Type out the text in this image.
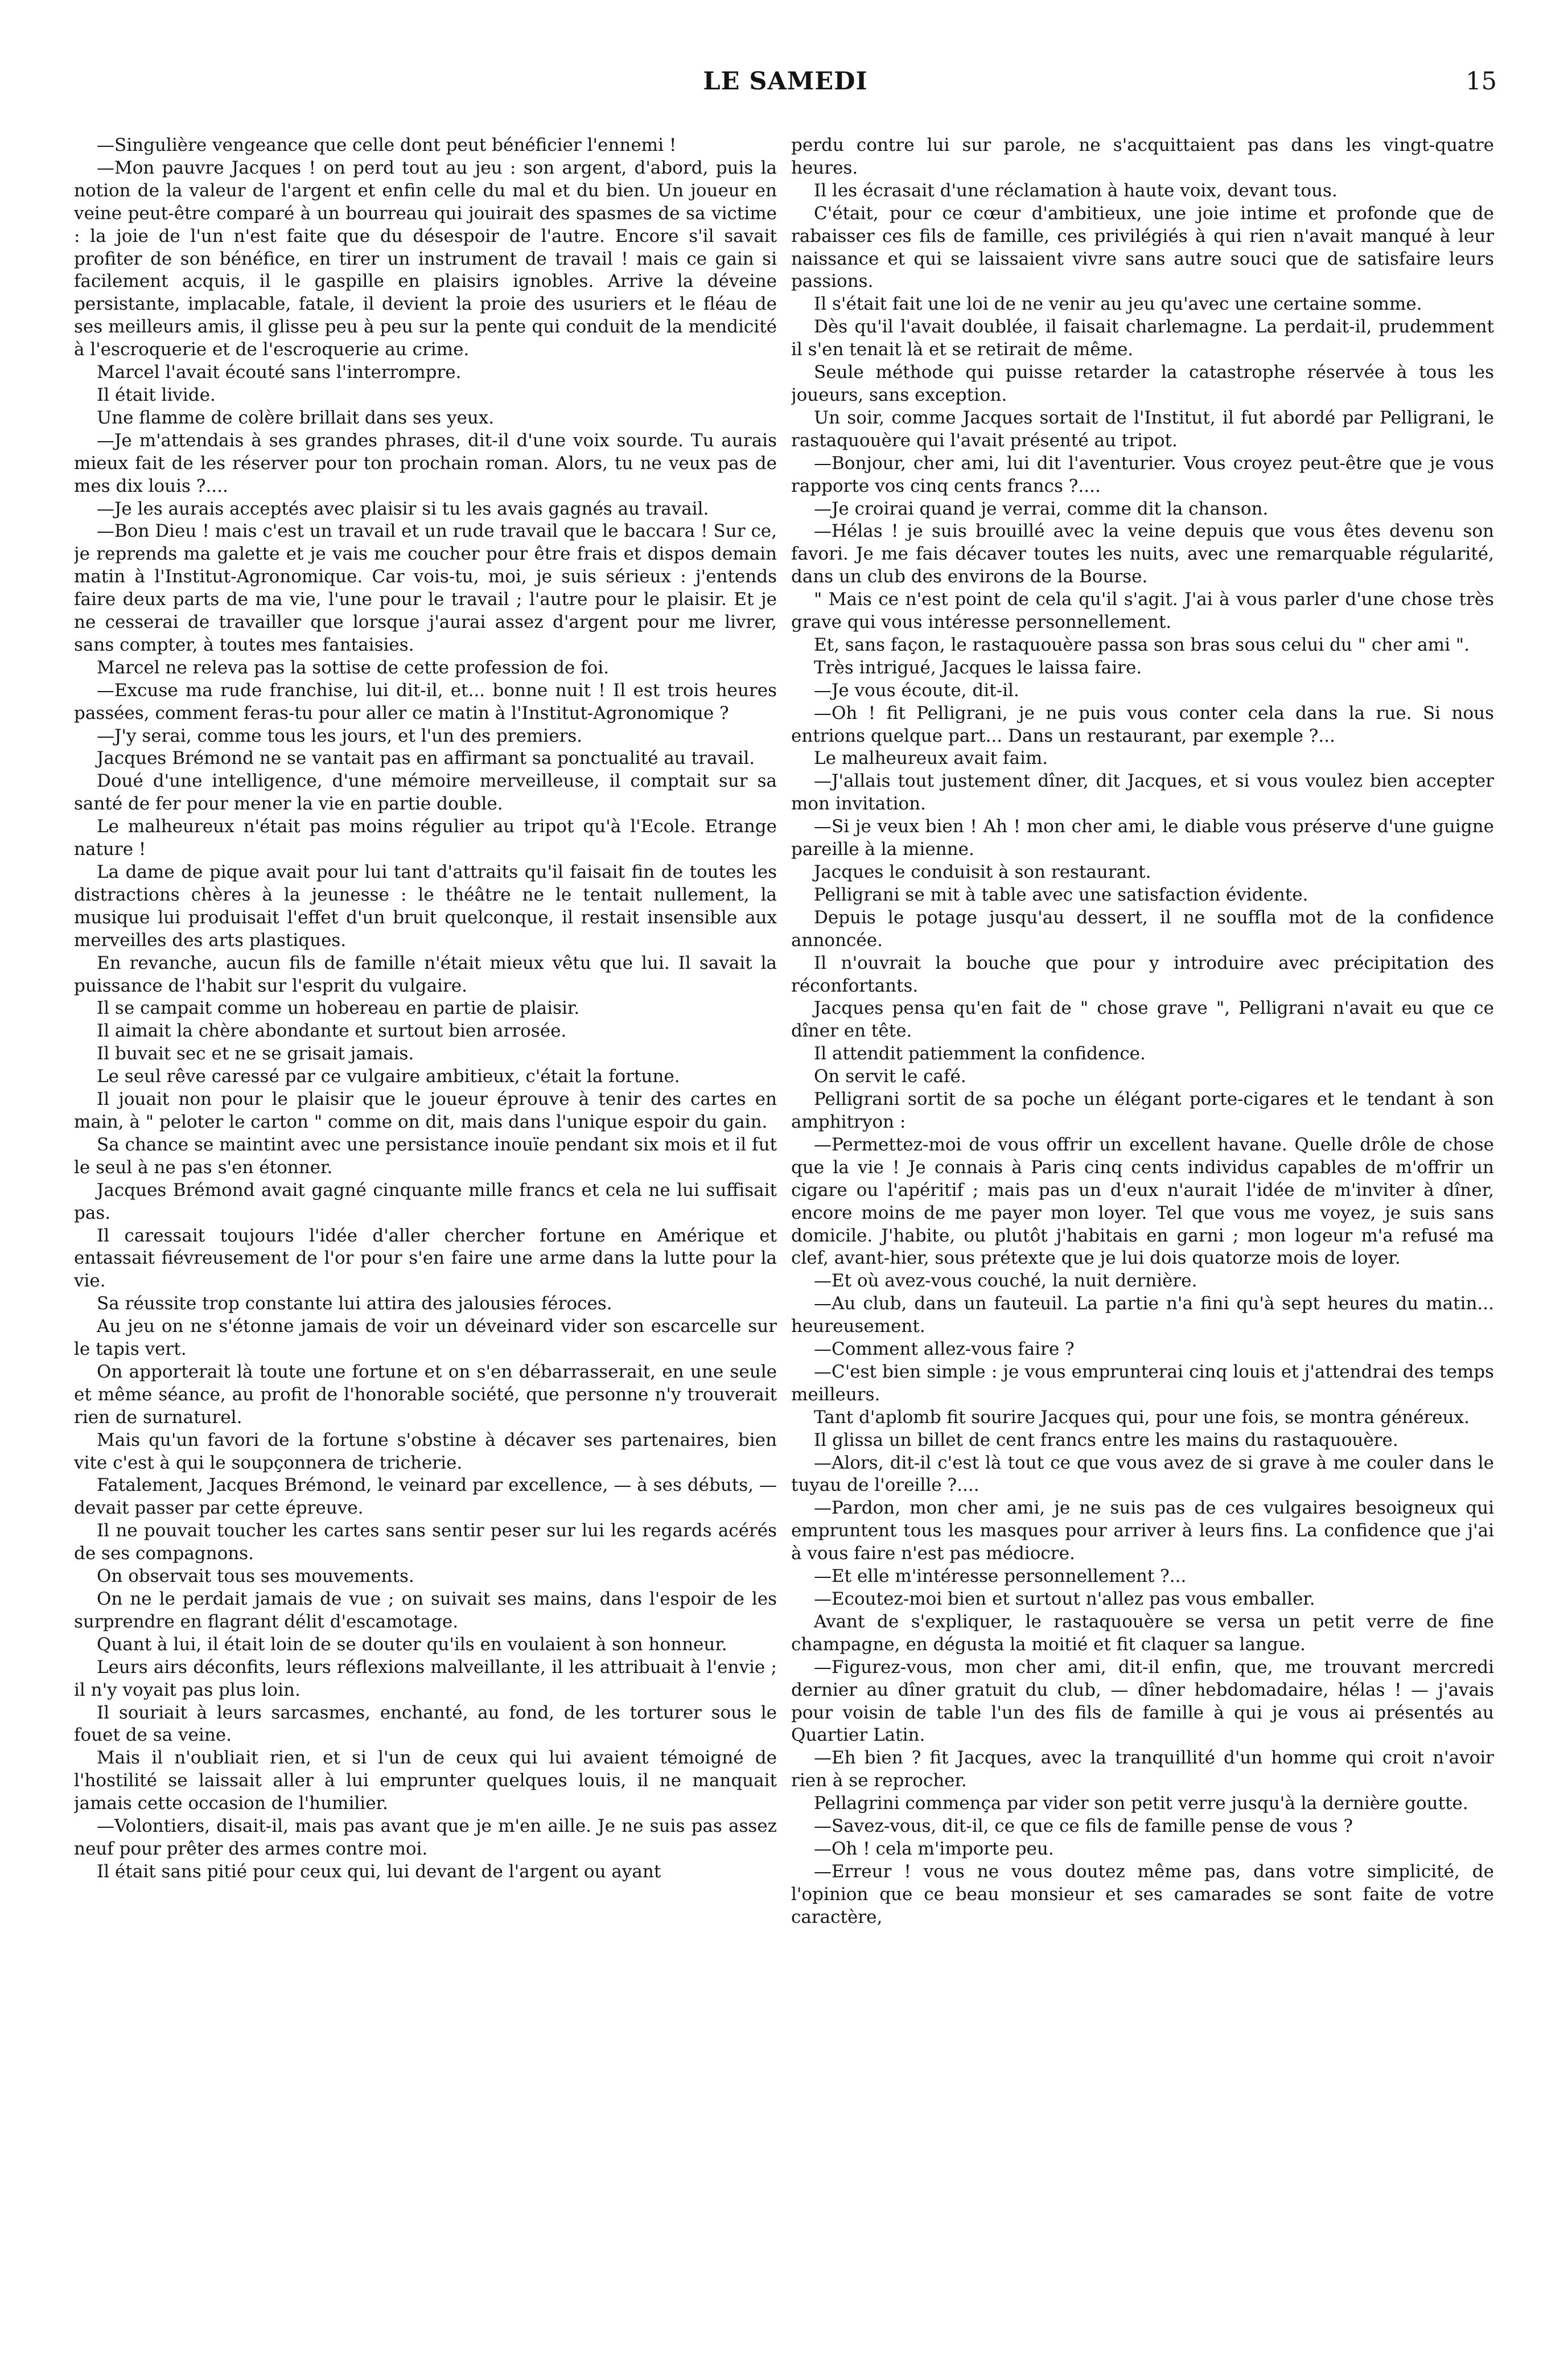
LE SAMEDI	15

—Singulière vengeance que celle dont peut bénéficier l'ennemi !

—Mon pauvre Jacques ! on perd tout au jeu : son argent, d'abord, puis la notion de la valeur de l'argent et enfin celle du mal et du bien. Un joueur en veine peut-être comparé à un bourreau qui jouirait des spasmes de sa victime : la joie de l'un n'est faite que du désespoir de l'autre. Encore s'il savait profiter de son bénéfice, en tirer un instrument de travail ! mais ce gain si facilement acquis, il le gaspille en plaisirs ignobles. Arrive la déveine persistante, implacable, fatale, il devient la proie des usuriers et le fléau de ses meilleurs amis, il glisse peu à peu sur la pente qui conduit de la mendicité à l'escroquerie et de l'escroquerie au crime.

Marcel l'avait écouté sans l'interrompre.

Il était livide.

Une flamme de colère brillait dans ses yeux.

—Je m'attendais à ses grandes phrases, dit-il d'une voix sourde. Tu aurais mieux fait de les réserver pour ton prochain roman. Alors, tu ne veux pas de mes dix louis ?....

—Je les aurais acceptés avec plaisir si tu les avais gagnés au travail.

—Bon Dieu ! mais c'est un travail et un rude travail que le baccara ! Sur ce, je reprends ma galette et je vais me coucher pour être frais et dispos demain matin à l'Institut-Agronomique. Car vois-tu, moi, je suis sérieux : j'entends faire deux parts de ma vie, l'une pour le travail ; l'autre pour le plaisir. Et je ne cesserai de travailler que lorsque j'aurai assez d'argent pour me livrer, sans compter, à toutes mes fantaisies.

Marcel ne releva pas la sottise de cette profession de foi.

—Excuse ma rude franchise, lui dit-il, et... bonne nuit ! Il est trois heures passées, comment feras-tu pour aller ce matin à l'Institut-Agronomique ?

—J'y serai, comme tous les jours, et l'un des premiers.

Jacques Brémond ne se vantait pas en affirmant sa ponctualité au travail.

Doué d'une intelligence, d'une mémoire merveilleuse, il comptait sur sa santé de fer pour mener la vie en partie double.

Le malheureux n'était pas moins régulier au tripot qu'à l'Ecole. Etrange nature !

La dame de pique avait pour lui tant d'attraits qu'il faisait fin de toutes les distractions chères à la jeunesse : le théâtre ne le tentait nullement, la musique lui produisait l'effet d'un bruit quelconque, il restait insensible aux merveilles des arts plastiques.

En revanche, aucun fils de famille n'était mieux vêtu que lui. Il savait la puissance de l'habit sur l'esprit du vulgaire.

Il se campait comme un hobereau en partie de plaisir.

Il aimait la chère abondante et surtout bien arrosée.

Il buvait sec et ne se grisait jamais.

Le seul rêve caressé par ce vulgaire ambitieux, c'était la fortune.

Il jouait non pour le plaisir que le joueur éprouve à tenir des cartes en main, à " peloter le carton " comme on dit, mais dans l'unique espoir du gain.

Sa chance se maintint avec une persistance inouïe pendant six mois et il fut le seul à ne pas s'en étonner.

Jacques Brémond avait gagné cinquante mille francs et cela ne lui suffisait pas.

Il caressait toujours l'idée d'aller chercher fortune en Amérique et entassait fiévreusement de l'or pour s'en faire une arme dans la lutte pour la vie.

Sa réussite trop constante lui attira des jalousies féroces.

Au jeu on ne s'étonne jamais de voir un déveinard vider son escarcelle sur le tapis vert.

On apporterait là toute une fortune et on s'en débarrasserait, en une seule et même séance, au profit de l'honorable société, que personne n'y trouverait rien de surnaturel.

Mais qu'un favori de la fortune s'obstine à décaver ses partenaires, bien vite c'est à qui le soupçonnera de tricherie.

Fatalement, Jacques Brémond, le veinard par excellence, — à ses débuts, — devait passer par cette épreuve.

Il ne pouvait toucher les cartes sans sentir peser sur lui les regards acérés de ses compagnons.

On observait tous ses mouvements.

On ne le perdait jamais de vue ; on suivait ses mains, dans l'espoir de les surprendre en flagrant délit d'escamotage.

Quant à lui, il était loin de se douter qu'ils en voulaient à son honneur.

Leurs airs déconfits, leurs réflexions malveillante, il les attribuait à l'envie ; il n'y voyait pas plus loin.

Il souriait à leurs sarcasmes, enchanté, au fond, de les torturer sous le fouet de sa veine.

Mais il n'oubliait rien, et si l'un de ceux qui lui avaient témoigné de l'hostilité se laissait aller à lui emprunter quelques louis, il ne manquait jamais cette occasion de l'humilier.

—Volontiers, disait-il, mais pas avant que je m'en aille. Je ne suis pas assez neuf pour prêter des armes contre moi.

Il était sans pitié pour ceux qui, lui devant de l'argent ou ayant

perdu contre lui sur parole, ne s'acquittaient pas dans les vingt-quatre heures.

Il les écrasait d'une réclamation à haute voix, devant tous.

C'était, pour ce cœur d'ambitieux, une joie intime et profonde que de rabaisser ces fils de famille, ces privilégiés à qui rien n'avait manqué à leur naissance et qui se laissaient vivre sans autre souci que de satisfaire leurs passions.

Il s'était fait une loi de ne venir au jeu qu'avec une certaine somme.

Dès qu'il l'avait doublée, il faisait charlemagne. La perdait-il, prudemment il s'en tenait là et se retirait de même.

Seule méthode qui puisse retarder la catastrophe réservée à tous les joueurs, sans exception.

Un soir, comme Jacques sortait de l'Institut, il fut abordé par Pelligrani, le rastaquouère qui l'avait présenté au tripot.

—Bonjour, cher ami, lui dit l'aventurier. Vous croyez peut-être que je vous rapporte vos cinq cents francs ?....

—Je croirai quand je verrai, comme dit la chanson.

—Hélas ! je suis brouillé avec la veine depuis que vous êtes devenu son favori. Je me fais décaver toutes les nuits, avec une remarquable régularité, dans un club des environs de la Bourse.

" Mais ce n'est point de cela qu'il s'agit. J'ai à vous parler d'une chose très grave qui vous intéresse personnellement.

Et, sans façon, le rastaquouère passa son bras sous celui du " cher ami ".

Très intrigué, Jacques le laissa faire.

—Je vous écoute, dit-il.

—Oh ! fit Pelligrani, je ne puis vous conter cela dans la rue. Si nous entrions quelque part... Dans un restaurant, par exemple ?...

Le malheureux avait faim.

—J'allais tout justement dîner, dit Jacques, et si vous voulez bien accepter mon invitation.

—Si je veux bien ! Ah ! mon cher ami, le diable vous préserve d'une guigne pareille à la mienne.

Jacques le conduisit à son restaurant.

Pelligrani se mit à table avec une satisfaction évidente.

Depuis le potage jusqu'au dessert, il ne souffla mot de la confidence annoncée.

Il n'ouvrait la bouche que pour y introduire avec précipitation des réconfortants.

Jacques pensa qu'en fait de " chose grave ", Pelligrani n'avait eu que ce dîner en tête.

Il attendit patiemment la confidence.

On servit le café.

Pelligrani sortit de sa poche un élégant porte-cigares et le tendant à son amphitryon :

—Permettez-moi de vous offrir un excellent havane. Quelle drôle de chose que la vie ! Je connais à Paris cinq cents individus capables de m'offrir un cigare ou l'apéritif ; mais pas un d'eux n'aurait l'idée de m'inviter à dîner, encore moins de me payer mon loyer. Tel que vous me voyez, je suis sans domicile. J'habite, ou plutôt j'habitais en garni ; mon logeur m'a refusé ma clef, avant-hier, sous prétexte que je lui dois quatorze mois de loyer.

—Et où avez-vous couché, la nuit dernière.

—Au club, dans un fauteuil. La partie n'a fini qu'à sept heures du matin... heureusement.

—Comment allez-vous faire ?

—C'est bien simple : je vous emprunterai cinq louis et j'attendrai des temps meilleurs.

Tant d'aplomb fit sourire Jacques qui, pour une fois, se montra généreux.

Il glissa un billet de cent francs entre les mains du rastaquouère.

—Alors, dit-il c'est là tout ce que vous avez de si grave à me couler dans le tuyau de l'oreille ?....

—Pardon, mon cher ami, je ne suis pas de ces vulgaires besoigneux qui empruntent tous les masques pour arriver à leurs fins. La confidence que j'ai à vous faire n'est pas médiocre.

—Et elle m'intéresse personnellement ?...

—Ecoutez-moi bien et surtout n'allez pas vous emballer.

Avant de s'expliquer, le rastaquouère se versa un petit verre de fine champagne, en dégusta la moitié et fit claquer sa langue.

—Figurez-vous, mon cher ami, dit-il enfin, que, me trouvant mercredi dernier au dîner gratuit du club, — dîner hebdomadaire, hélas ! — j'avais pour voisin de table l'un des fils de famille à qui je vous ai présentés au Quartier Latin.

—Eh bien ? fit Jacques, avec la tranquillité d'un homme qui croit n'avoir rien à se reprocher.

Pellagrini commença par vider son petit verre jusqu'à la dernière goutte.

—Savez-vous, dit-il, ce que ce fils de famille pense de vous ?

—Oh ! cela m'importe peu.

—Erreur ! vous ne vous doutez même pas, dans votre simplicité, de l'opinion que ce beau monsieur et ses camarades se sont faite de votre caractère,
